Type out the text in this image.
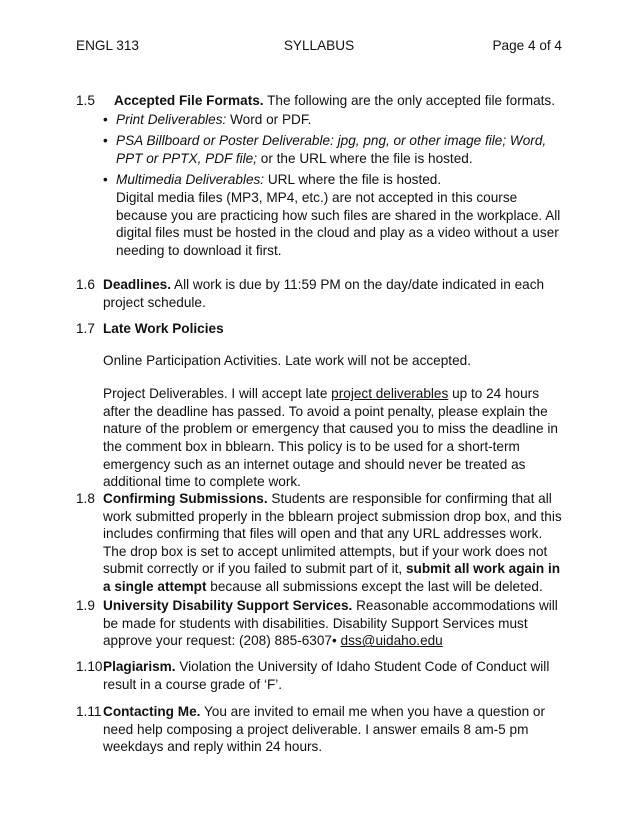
ENGL 313	SYLLABUS	Page 4 of 4
1.5 Accepted File Formats. The following are the only accepted file formats.

• Print Deliverables: Word or PDF.
• PSA Billboard or Poster Deliverable: jpg, png, or other image file; Word, PPT or PPTX, PDF file; or the URL where the file is hosted.
• Multimedia Deliverables: URL where the file is hosted.

Digital media files (MP3, MP4, etc.) are not accepted in this course because you are practicing how such files are shared in the workplace. All digital files must be hosted in the cloud and play as a video without a user needing to download it first.

1.6 Deadlines. All work is due by 11:59 PM on the day/date indicated in each project schedule.

1.7 Late Work Policies

Online Participation Activities. Late work will not be accepted.

Project Deliverables. I will accept late project deliverables up to 24 hours after the deadline has passed. To avoid a point penalty, please explain the nature of the problem or emergency that caused you to miss the deadline in the comment box in bblearn. This policy is to be used for a short-term emergency such as an internet outage and should never be treated as additional time to complete work.

1.8 Confirming Submissions. Students are responsible for confirming that all work submitted properly in the bblearn project submission drop box, and this includes confirming that files will open and that any URL addresses work. The drop box is set to accept unlimited attempts, but if your work does not submit correctly or if you failed to submit part of it, submit all work again in a single attempt because all submissions except the last will be deleted.

1.9 University Disability Support Services. Reasonable accommodations will be made for students with disabilities. Disability Support Services must approve your request: (208) 885-6307• dss@uidaho.edu

1.10 Plagiarism. Violation the University of Idaho Student Code of Conduct will result in a course grade of ‘F’.

1.11 Contacting Me. You are invited to email me when you have a question or need help composing a project deliverable. I answer emails 8 am-5 pm weekdays and reply within 24 hours.
